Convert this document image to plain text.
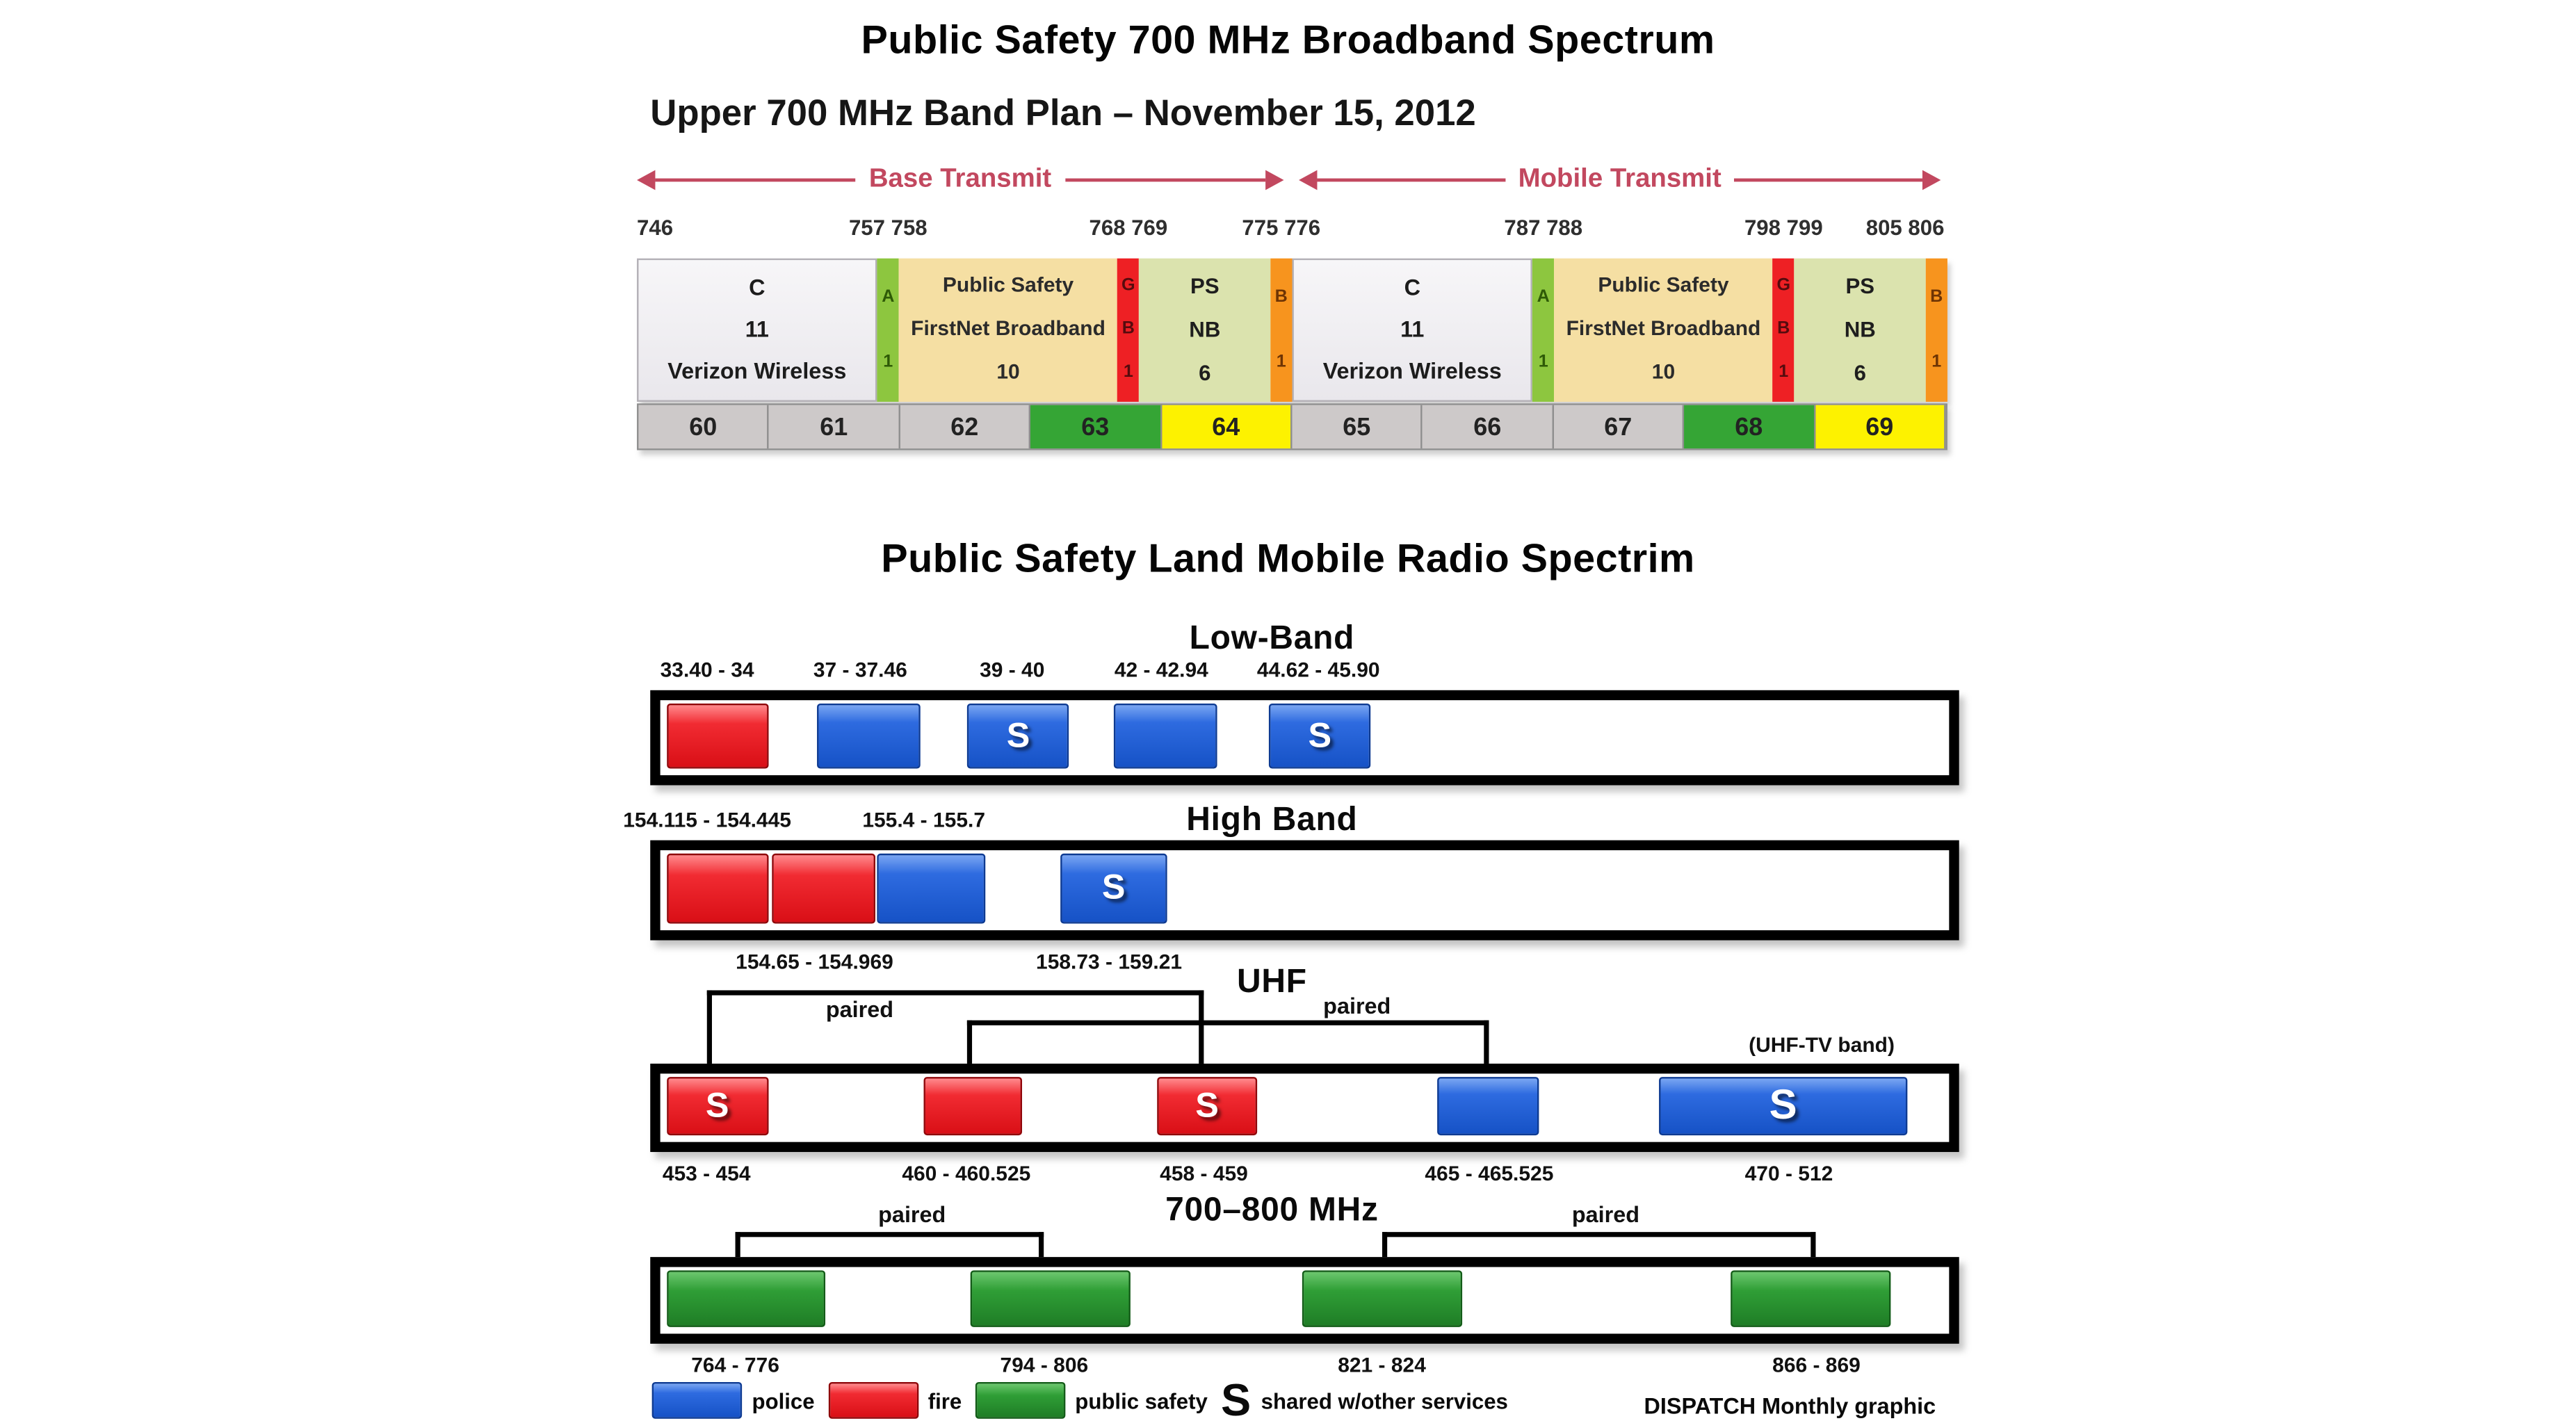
Public Safety 700 MHz Broadband Spectrum
Upper 700 MHz Band Plan – November 15, 2012
Base Transmit	Mobile Transmit
746	757 758	768 769	775 776	787 788	798 799	805 806
C
11
Verizon Wireless
A
1
Public Safety
FirstNet Broadband
10
G
B
1
PS
NB
6
B
1
C
11
Verizon Wireless
A
1
Public Safety
FirstNet Broadband
10
G
B
1
PS
NB
6
B
1
60	61	62	63	64	65	66	67	68	69
Public Safety Land Mobile Radio Spectrim
Low-Band
S	S
33.40 - 34	37 - 37.46	39 - 40	42 - 42.94	44.62 - 45.90
High Band
S
154.115 - 154.445
154.65 - 154.969
155.4 - 155.7
158.73 - 159.21
UHF
S	S	S
453 - 454	460 - 460.525	458 - 459	465 - 465.525	470 - 512
(UHF-TV band)
paired	paired
700–800 MHz
764 - 776	794 - 806	821 - 824	866 - 869
paired	paired
police	fire	public safety S shared w/other services	DISPATCH Monthly graphic
